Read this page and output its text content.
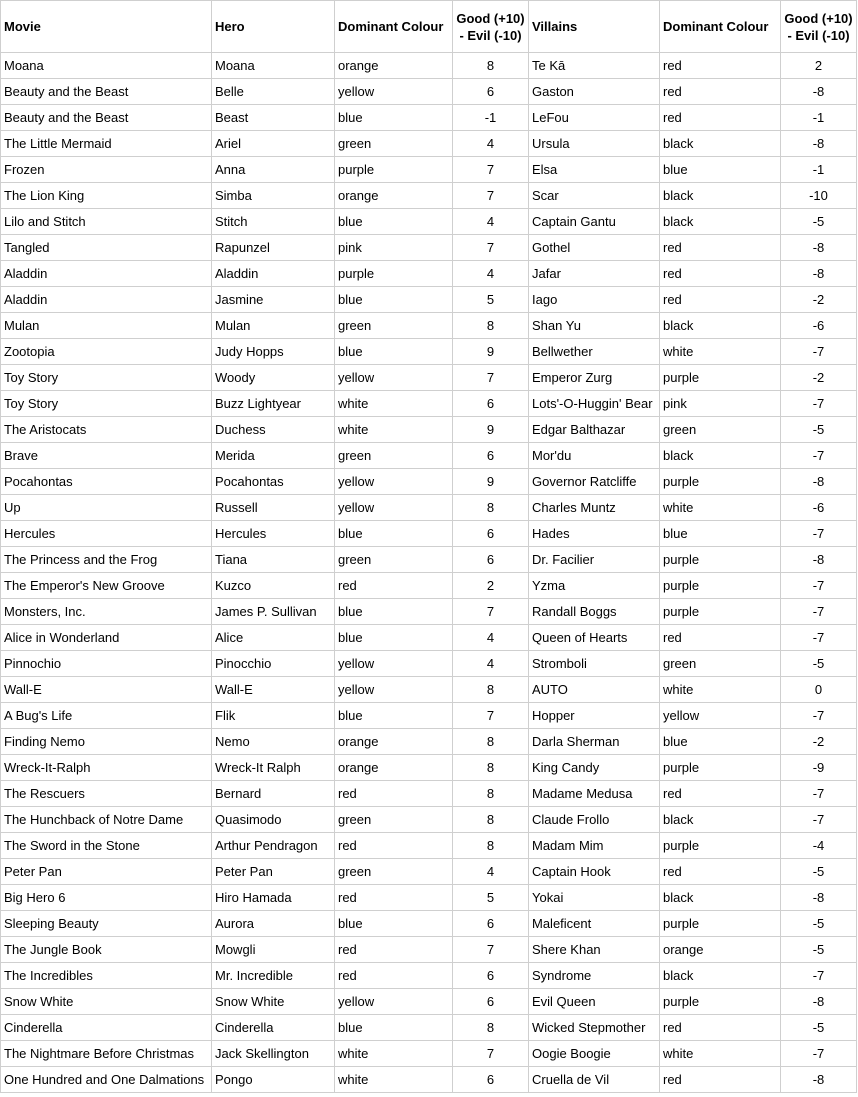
Movie	Hero	Dominant Colour	Good (+10) - Evil (-10)	Villains	Dominant Colour	Good (+10) - Evil (-10)
Moana	Moana	orange	8	Te Kā	red	2
Beauty and the Beast	Belle	yellow	6	Gaston	red	-8
Beauty and the Beast	Beast	blue	-1	LeFou	red	-1
The Little Mermaid	Ariel	green	4	Ursula	black	-8
Frozen	Anna	purple	7	Elsa	blue	-1
The Lion King	Simba	orange	7	Scar	black	-10
Lilo and Stitch	Stitch	blue	4	Captain Gantu	black	-5
Tangled	Rapunzel	pink	7	Gothel	red	-8
Aladdin	Aladdin	purple	4	Jafar	red	-8
Aladdin	Jasmine	blue	5	Iago	red	-2
Mulan	Mulan	green	8	Shan Yu	black	-6
Zootopia	Judy Hopps	blue	9	Bellwether	white	-7
Toy Story	Woody	yellow	7	Emperor Zurg	purple	-2
Toy Story	Buzz Lightyear	white	6	Lots'-O-Huggin' Bear	pink	-7
The Aristocats	Duchess	white	9	Edgar Balthazar	green	-5
Brave	Merida	green	6	Mor'du	black	-7
Pocahontas	Pocahontas	yellow	9	Governor Ratcliffe	purple	-8
Up	Russell	yellow	8	Charles Muntz	white	-6
Hercules	Hercules	blue	6	Hades	blue	-7
The Princess and the Frog	Tiana	green	6	Dr. Facilier	purple	-8
The Emperor's New Groove	Kuzco	red	2	Yzma	purple	-7
Monsters, Inc.	James P. Sullivan	blue	7	Randall Boggs	purple	-7
Alice in Wonderland	Alice	blue	4	Queen of Hearts	red	-7
Pinnochio	Pinocchio	yellow	4	Stromboli	green	-5
Wall-E	Wall-E	yellow	8	AUTO	white	0
A Bug's Life	Flik	blue	7	Hopper	yellow	-7
Finding Nemo	Nemo	orange	8	Darla Sherman	blue	-2
Wreck-It-Ralph	Wreck-It Ralph	orange	8	King Candy	purple	-9
The Rescuers	Bernard	red	8	Madame Medusa	red	-7
The Hunchback of Notre Dame	Quasimodo	green	8	Claude Frollo	black	-7
The Sword in the Stone	Arthur Pendragon	red	8	Madam Mim	purple	-4
Peter Pan	Peter Pan	green	4	Captain Hook	red	-5
Big Hero 6	Hiro Hamada	red	5	Yokai	black	-8
Sleeping Beauty	Aurora	blue	6	Maleficent	purple	-5
The Jungle Book	Mowgli	red	7	Shere Khan	orange	-5
The Incredibles	Mr. Incredible	red	6	Syndrome	black	-7
Snow White	Snow White	yellow	6	Evil Queen	purple	-8
Cinderella	Cinderella	blue	8	Wicked Stepmother	red	-5
The Nightmare Before Christmas	Jack Skellington	white	7	Oogie Boogie	white	-7
One Hundred and One Dalmations	Pongo	white	6	Cruella de Vil	red	-8
